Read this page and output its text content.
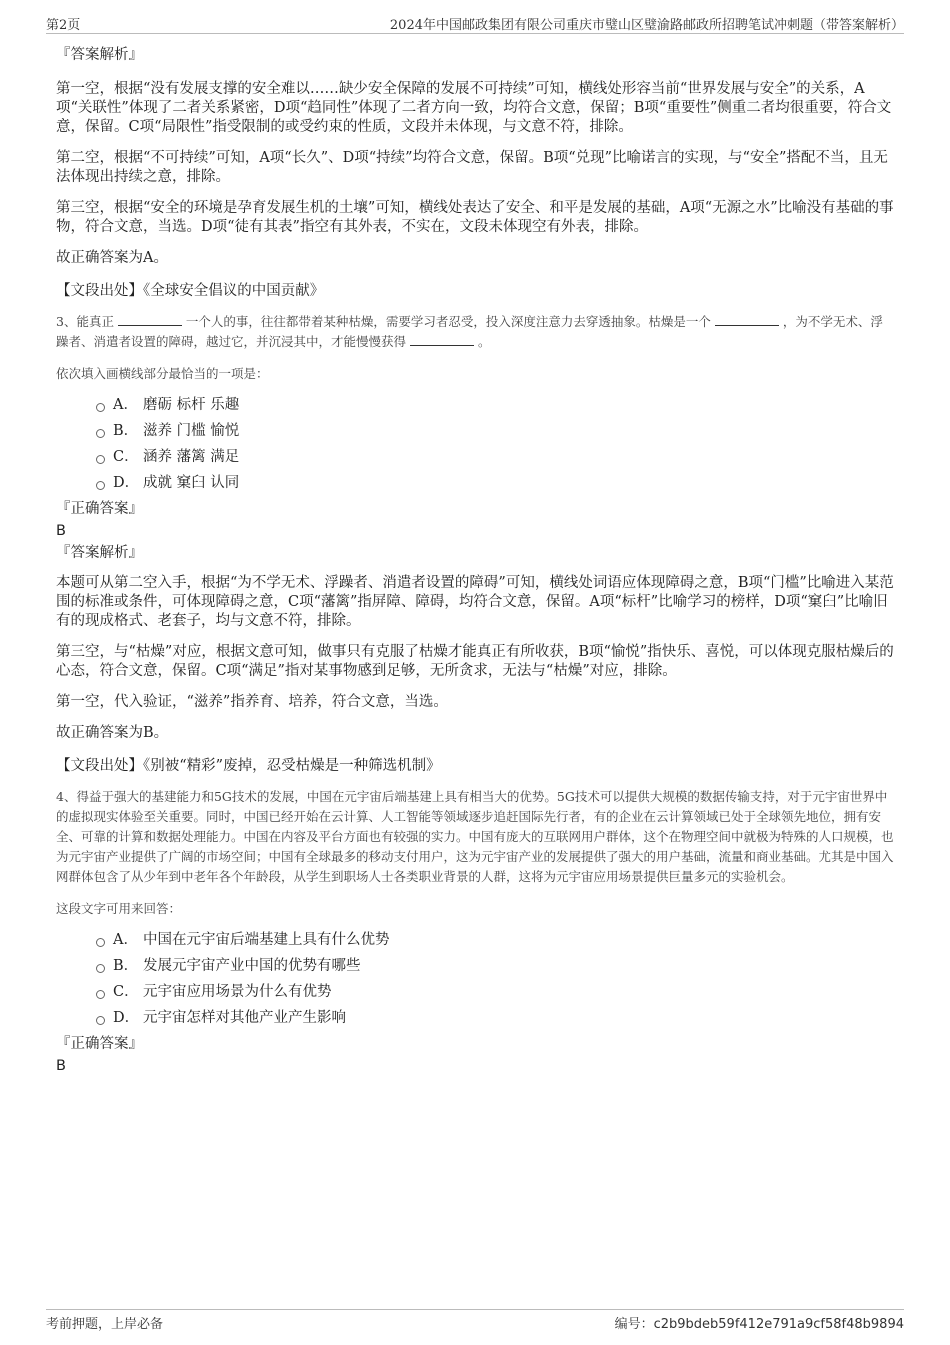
第2页	2024年中国邮政集团有限公司重庆市璧山区璧渝路邮政所招聘笔试冲刺题（带答案解析）

『答案解析』

第一空，根据“没有发展支撑的安全难以……缺少安全保障的发展不可持续”可知，横线处形容当前“世界发展与安全”的关系，A项“关联性”体现了二者关系紧密，D项“趋同性”体现了二者方向一致，均符合文意，保留；B项“重要性”侧重二者均很重要，符合文意，保留。C项“局限性”指受限制的或受约束的性质，文段并未体现，与文意不符，排除。

第二空，根据“不可持续”可知，A项“长久”、D项“持续”均符合文意，保留。B项“兑现”比喻诺言的实现，与“安全”搭配不当，且无法体现出持续之意，排除。

第三空，根据“安全的环境是孕育发展生机的土壤”可知，横线处表达了安全、和平是发展的基础，A项“无源之水”比喻没有基础的事物，符合文意，当选。D项“徒有其表”指空有其外表，不实在，文段未体现空有外表，排除。

故正确答案为A。

【文段出处】《全球安全倡议的中国贡献》

3、能真正	一个人的事，往往都带着某种枯燥，需要学习者忍受，投入深度注意力去穿透抽象。枯燥是一个	，为不学无术、浮躁者、消遣者设置的障碍，越过它，并沉浸其中，才能慢慢获得	。

依次填入画横线部分最恰当的一项是：

A． 磨砺 标杆 乐趣
B． 滋养 门槛 愉悦
C． 涵养 藩篱 满足
D． 成就 窠臼 认同

『正确答案』

B

『答案解析』

本题可从第二空入手，根据“为不学无术、浮躁者、消遣者设置的障碍”可知，横线处词语应体现障碍之意，B项“门槛”比喻进入某范围的标准或条件，可体现障碍之意，C项“藩篱”指屏障、障碍，均符合文意，保留。A项“标杆”比喻学习的榜样，D项“窠臼”比喻旧有的现成格式、老套子，均与文意不符，排除。

第三空，与“枯燥”对应，根据文意可知，做事只有克服了枯燥才能真正有所收获，B项“愉悦”指快乐、喜悦，可以体现克服枯燥后的心态，符合文意，保留。C项“满足”指对某事物感到足够，无所贪求，无法与“枯燥”对应，排除。

第一空，代入验证，“滋养”指养育、培养，符合文意，当选。

故正确答案为B。

【文段出处】《别被“精彩”废掉，忍受枯燥是一种筛选机制》

4、得益于强大的基建能力和5G技术的发展，中国在元宇宙后端基建上具有相当大的优势。5G技术可以提供大规模的数据传输支持，对于元宇宙世界中的虚拟现实体验至关重要。同时，中国已经开始在云计算、人工智能等领域逐步追赶国际先行者，有的企业在云计算领域已处于全球领先地位，拥有安全、可靠的计算和数据处理能力。中国在内容及平台方面也有较强的实力。中国有庞大的互联网用户群体，这个在物理空间中就极为特殊的人口规模，也为元宇宙产业提供了广阔的市场空间；中国有全球最多的移动支付用户，这为元宇宙产业的发展提供了强大的用户基础，流量和商业基础。尤其是中国入网群体包含了从少年到中老年各个年龄段，从学生到职场人士各类职业背景的人群，这将为元宇宙应用场景提供巨量多元的实验机会。

这段文字可用来回答：

A． 中国在元宇宙后端基建上具有什么优势
B． 发展元宇宙产业中国的优势有哪些
C． 元宇宙应用场景为什么有优势
D． 元宇宙怎样对其他产业产生影响

『正确答案』

B

考前押题，上岸必备	编号：c2b9bdeb59f412e791a9cf58f48b9894
